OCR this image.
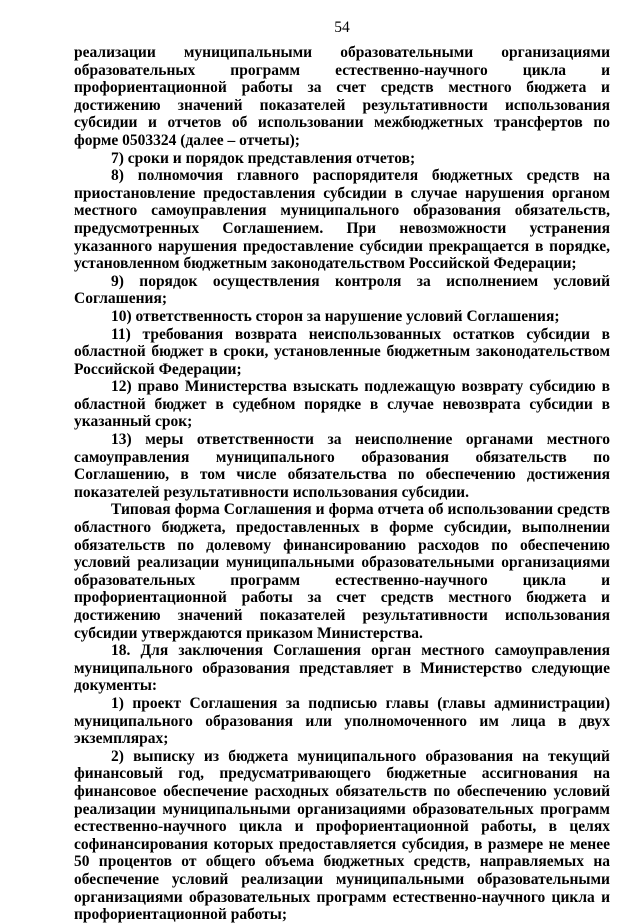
54

реализации муниципальными образовательными организациями образовательных программ естественно-научного цикла и профориентационной работы за счет средств местного бюджета и достижению значений показателей результативности использования субсидии и отчетов об использовании межбюджетных трансфертов по форме 0503324 (далее – отчеты);

7) сроки и порядок представления отчетов;

8) полномочия главного распорядителя бюджетных средств на приостановление предоставления субсидии в случае нарушения органом местного самоуправления муниципального образования обязательств, предусмотренных Соглашением. При невозможности устранения указанного нарушения предоставление субсидии прекращается в порядке, установленном бюджетным законодательством Российской Федерации;

9) порядок осуществления контроля за исполнением условий Соглашения;

10) ответственность сторон за нарушение условий Соглашения;

11) требования возврата неиспользованных остатков субсидии в областной бюджет в сроки, установленные бюджетным законодательством Российской Федерации;

12) право Министерства взыскать подлежащую возврату субсидию в областной бюджет в судебном порядке в случае невозврата субсидии в указанный срок;

13) меры ответственности за неисполнение органами местного самоуправления муниципального образования обязательств по Соглашению, в том числе обязательства по обеспечению достижения показателей результативности использования субсидии.

Типовая форма Соглашения и форма отчета об использовании средств областного бюджета, предоставленных в форме субсидии, выполнении обязательств по долевому финансированию расходов по обеспечению условий реализации муниципальными образовательными организациями образовательных программ естественно-научного цикла и профориентационной работы за счет средств местного бюджета и достижению значений показателей результативности использования субсидии утверждаются приказом Министерства.

18. Для заключения Соглашения орган местного самоуправления муниципального образования представляет в Министерство следующие документы:

1) проект Соглашения за подписью главы (главы администрации) муниципального образования или уполномоченного им лица в двух экземплярах;

2) выписку из бюджета муниципального образования на текущий финансовый год, предусматривающего бюджетные ассигнования на финансовое обеспечение расходных обязательств по обеспечению условий реализации муниципальными организациями образовательных программ естественно-научного цикла и профориентационной работы, в целях софинансирования которых предоставляется субсидия, в размере не менее 50 процентов от общего объема бюджетных средств, направляемых на обеспечение условий реализации муниципальными образовательными организациями образовательных программ естественно-научного цикла и профориентационной работы;
